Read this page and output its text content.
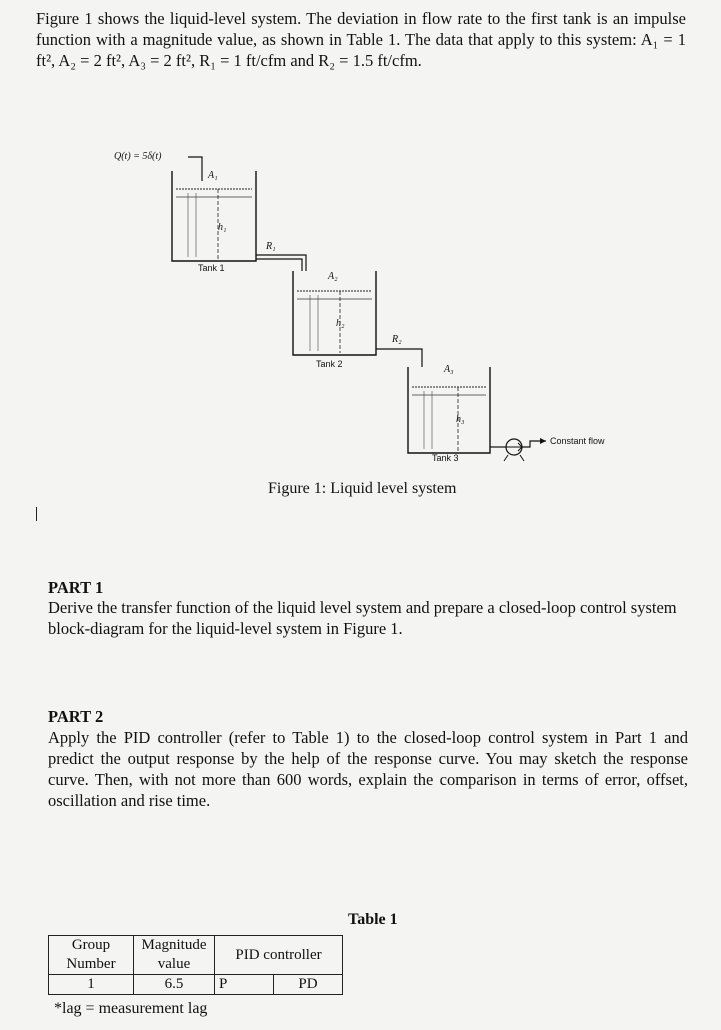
Figure 1 shows the liquid-level system. The deviation in flow rate to the first tank is an impulse function with a magnitude value, as shown in Table 1. The data that apply to this system: A₁ = 1 ft², A₂ = 2 ft², A₃ = 2 ft², R₁ = 1 ft/cfm and R₂ = 1.5 ft/cfm.
Q(t) = 5δ(t)
A₁
h₁
Tank 1
R₁
A₂
h₂
Tank 2
R₂
A₃
h₃
Tank 3
Constant flow
Figure 1: Liquid level system
PART 1
Derive the transfer function of the liquid level system and prepare a closed-loop control system block-diagram for the liquid-level system in Figure 1.
PART 2
Apply the PID controller (refer to Table 1) to the closed-loop control system in Part 1 and predict the output response by the help of the response curve. You may sketch the response curve. Then, with not more than 600 words, explain the comparison in terms of error, offset, oscillation and rise time.
Table 1
Group Number	Magnitude value	PID controller	
1	6.5	P	PD
*lag = measurement lag
